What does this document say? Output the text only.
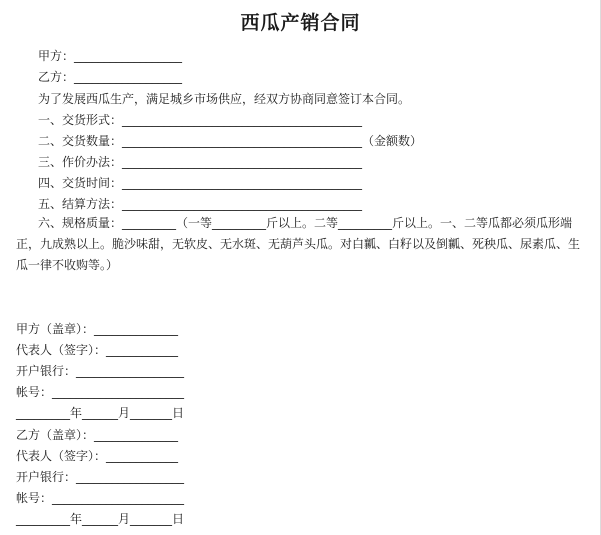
西瓜产销合同
甲方：__________________
乙方：__________________
为了发展西瓜生产，满足城乡市场供应，经双方协商同意签订本合同。
一、交货形式：________________________________________
二、交货数量：________________________________________（金额数）
三、作价办法：________________________________________
四、交货时间：________________________________________
五、结算方法：________________________________________
六、规格质量：_________（一等_________斤以上。二等_________斤以上。一、二等瓜都必须瓜形端正，九成熟以上。脆沙味甜，无软皮、无水斑、无葫芦头瓜。对白瓤、白籽以及倒瓤、死秧瓜、尿素瓜、生瓜一律不收购等。）
甲方（盖章）：______________
代表人（签字）：____________
开户银行：__________________
帐号：______________________
_________年______月_______日
乙方（盖章）：______________
代表人（签字）：____________
开户银行：__________________
帐号：______________________
_________年______月_______日
